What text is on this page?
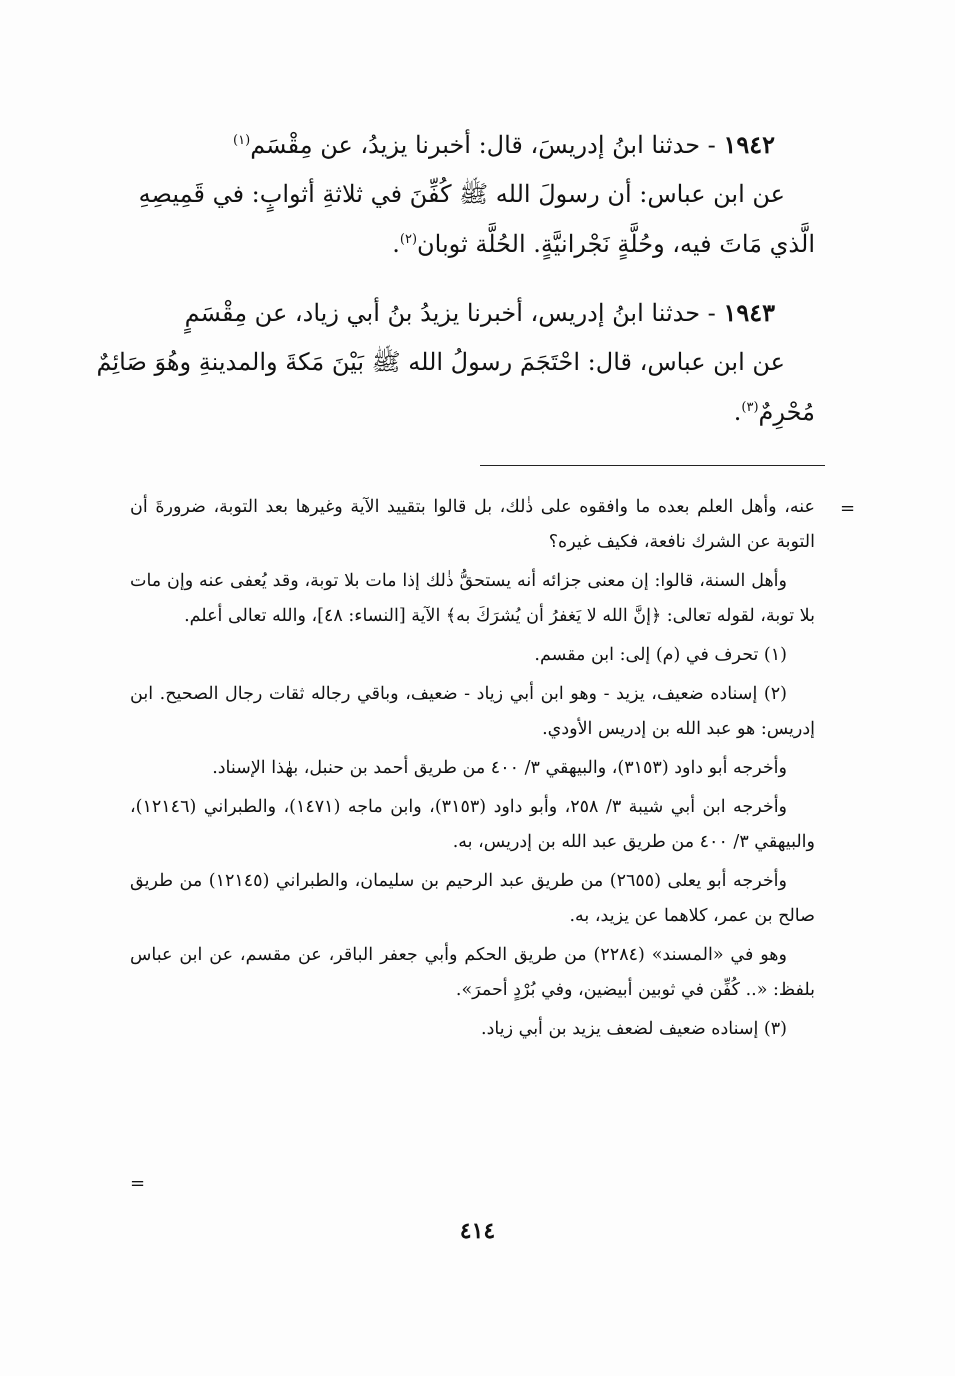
١٩٤٢ - حدثنا ابنُ إدريسَ، قال: أخبرنا يزيدُ، عن مِقْسَم$^{(١)}$
عن ابن عباس: أن رسولَ الله ﷺ كُفِّنَ في ثلاثةِ أثوابٍ: في قَمِيصِهِ الَّذي مَاتَ فيه، وحُلَّةٍ نَجْرانيَّةٍ. الحُلَّة ثوبان$^{(٢)}$.
١٩٤٣ - حدثنا ابنُ إدريس، أخبرنا يزيدُ بنُ أبي زياد، عن مِقْسَمٍ
عن ابن عباس، قال: احْتَجَمَ رسولُ الله ﷺ بَيْنَ مَكةَ والمدينةِ وهُوَ صَائِمٌ مُحْرِمٌ$^{(٣)}$.
=

عنه، وأهل العلم بعده ما وافقوه على ذٰلك، بل قالوا بتقييد الآية وغيرها بعد التوبة، ضرورةَ أن التوبة عن الشرك نافعة، فكيف غيره؟

وأهل السنة، قالوا: إن معنى جزائه أنه يستحقُّ ذٰلك إذا مات بلا توبة، وقد يُعفى عنه وإن مات بلا توبة، لقوله تعالى: ﴿إنَّ الله لا يَغفرُ أن يُشرَكَ به﴾ الآية [النساء: ٤٨]، والله تعالى أعلم.

(١) تحرف في (م) إلى: ابن مقسم.

(٢) إسناده ضعيف، يزيد - وهو ابن أبي زياد - ضعيف، وباقي رجاله ثقات رجال الصحيح. ابن إدريس: هو عبد الله بن إدريس الأودي.

وأخرجه أبو داود (٣١٥٣)، والبيهقي ٣/ ٤٠٠ من طريق أحمد بن حنبل، بهٰذا الإسناد.

وأخرجه ابن أبي شيبة ٣/ ٢٥٨، وأبو داود (٣١٥٣)، وابن ماجه (١٤٧١)، والطبراني (١٢١٤٦)، والبيهقي ٣/ ٤٠٠ من طريق عبد الله بن إدريس، به.

وأخرجه أبو يعلى (٢٦٥٥) من طريق عبد الرحيم بن سليمان، والطبراني (١٢١٤٥) من طريق صالح بن عمر، كلاهما عن يزيد، به.

وهو في «المسند» (٢٢٨٤) من طريق الحكم وأبي جعفر الباقر، عن مقسم، عن ابن عباس بلفظ: «.. كُفِّن في ثوبين أبيضين، وفي بُرْدٍ أحمرَ».

(٣) إسناده ضعيف لضعف يزيد بن أبي زياد.

=
٤١٤
